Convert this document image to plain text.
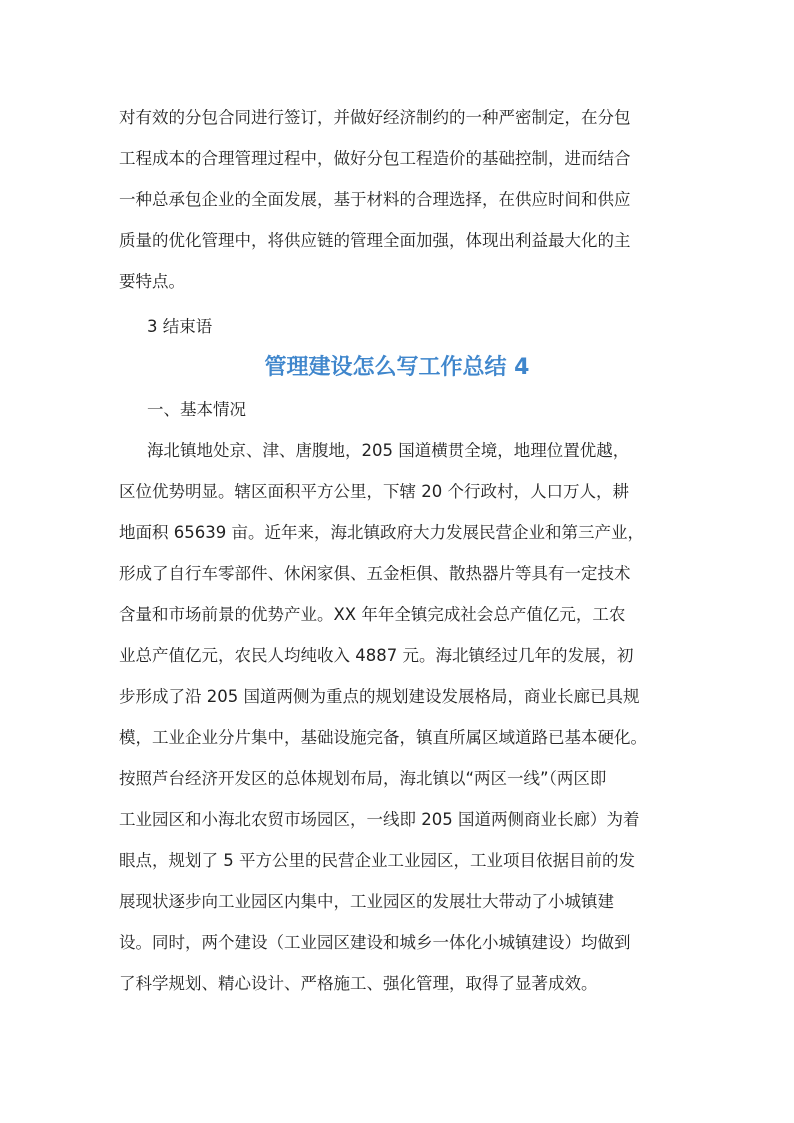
对有效的分包合同进行签订，并做好经济制约的一种严密制定，在分包
工程成本的合理管理过程中，做好分包工程造价的基础控制，进而结合
一种总承包企业的全面发展，基于材料的合理选择，在供应时间和供应
质量的优化管理中，将供应链的管理全面加强，体现出利益最大化的主
要特点。
3 结束语
管理建设怎么写工作总结 4
一、基本情况
海北镇地处京、津、唐腹地，205 国道横贯全境，地理位置优越，
区位优势明显。辖区面积平方公里，下辖 20 个行政村，人口万人，耕
地面积 65639 亩。近年来，海北镇政府大力发展民营企业和第三产业，
形成了自行车零部件、休闲家俱、五金柜俱、散热器片等具有一定技术
含量和市场前景的优势产业。XX 年年全镇完成社会总产值亿元，工农
业总产值亿元，农民人均纯收入 4887 元。海北镇经过几年的发展，初
步形成了沿 205 国道两侧为重点的规划建设发展格局，商业长廊已具规
模，工业企业分片集中，基础设施完备，镇直所属区域道路已基本硬化。
按照芦台经济开发区的总体规划布局，海北镇以“两区一线”（两区即
工业园区和小海北农贸市场园区，一线即 205 国道两侧商业长廊）为着
眼点，规划了 5 平方公里的民营企业工业园区，工业项目依据目前的发
展现状逐步向工业园区内集中，工业园区的发展壮大带动了小城镇建
设。同时，两个建设（工业园区建设和城乡一体化小城镇建设）均做到
了科学规划、精心设计、严格施工、强化管理，取得了显著成效。
